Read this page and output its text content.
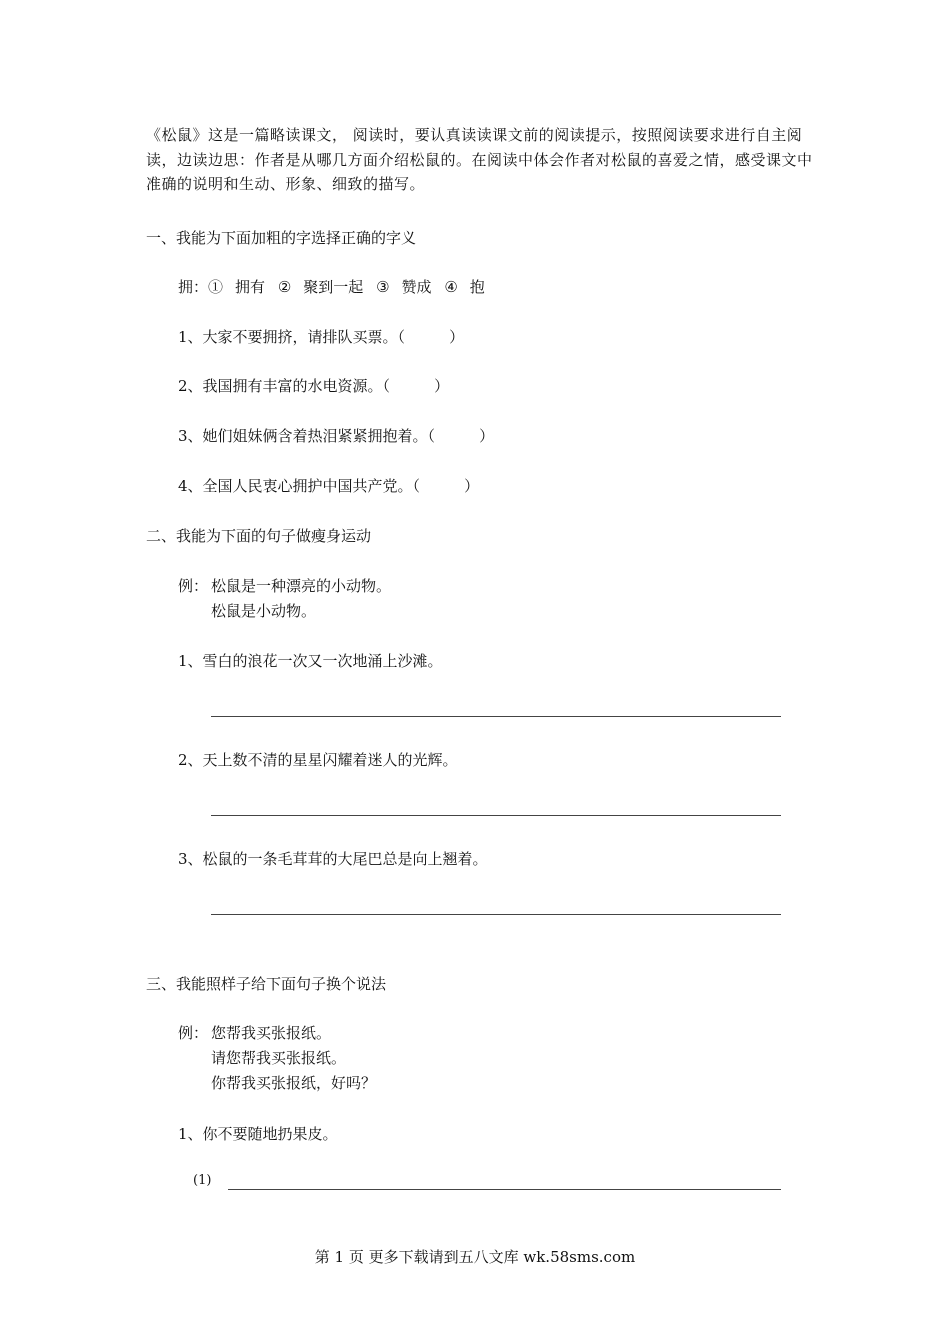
《松鼠》这是一篇略读课文， 阅读时，要认真读读课文前的阅读提示，按照阅读要求进行自主阅读，边读边思：作者是从哪几方面介绍松鼠的。在阅读中体会作者对松鼠的喜爱之情，感受课文中准确的说明和生动、形象、细致的描写。
一、我能为下面加粗的字选择正确的字义
拥：① 拥有 ② 聚到一起 ③ 赞成 ④ 抱
1、大家不要拥挤，请排队买票。（	）
2、我国拥有丰富的水电资源。（	）
3、她们姐妹俩含着热泪紧紧拥抱着。（	）
4、全国人民衷心拥护中国共产党。（	）
二、我能为下面的句子做瘦身运动
例： 松鼠是一种漂亮的小动物。
松鼠是小动物。
1、雪白的浪花一次又一次地涌上沙滩。
2、天上数不清的星星闪耀着迷人的光辉。
3、松鼠的一条毛茸茸的大尾巴总是向上翘着。
三、我能照样子给下面句子换个说法
例： 您帮我买张报纸。
请您帮我买张报纸。
你帮我买张报纸，好吗？
1、你不要随地扔果皮。
(1)
第 1 页 更多下载请到五八文库 wk.58sms.com
